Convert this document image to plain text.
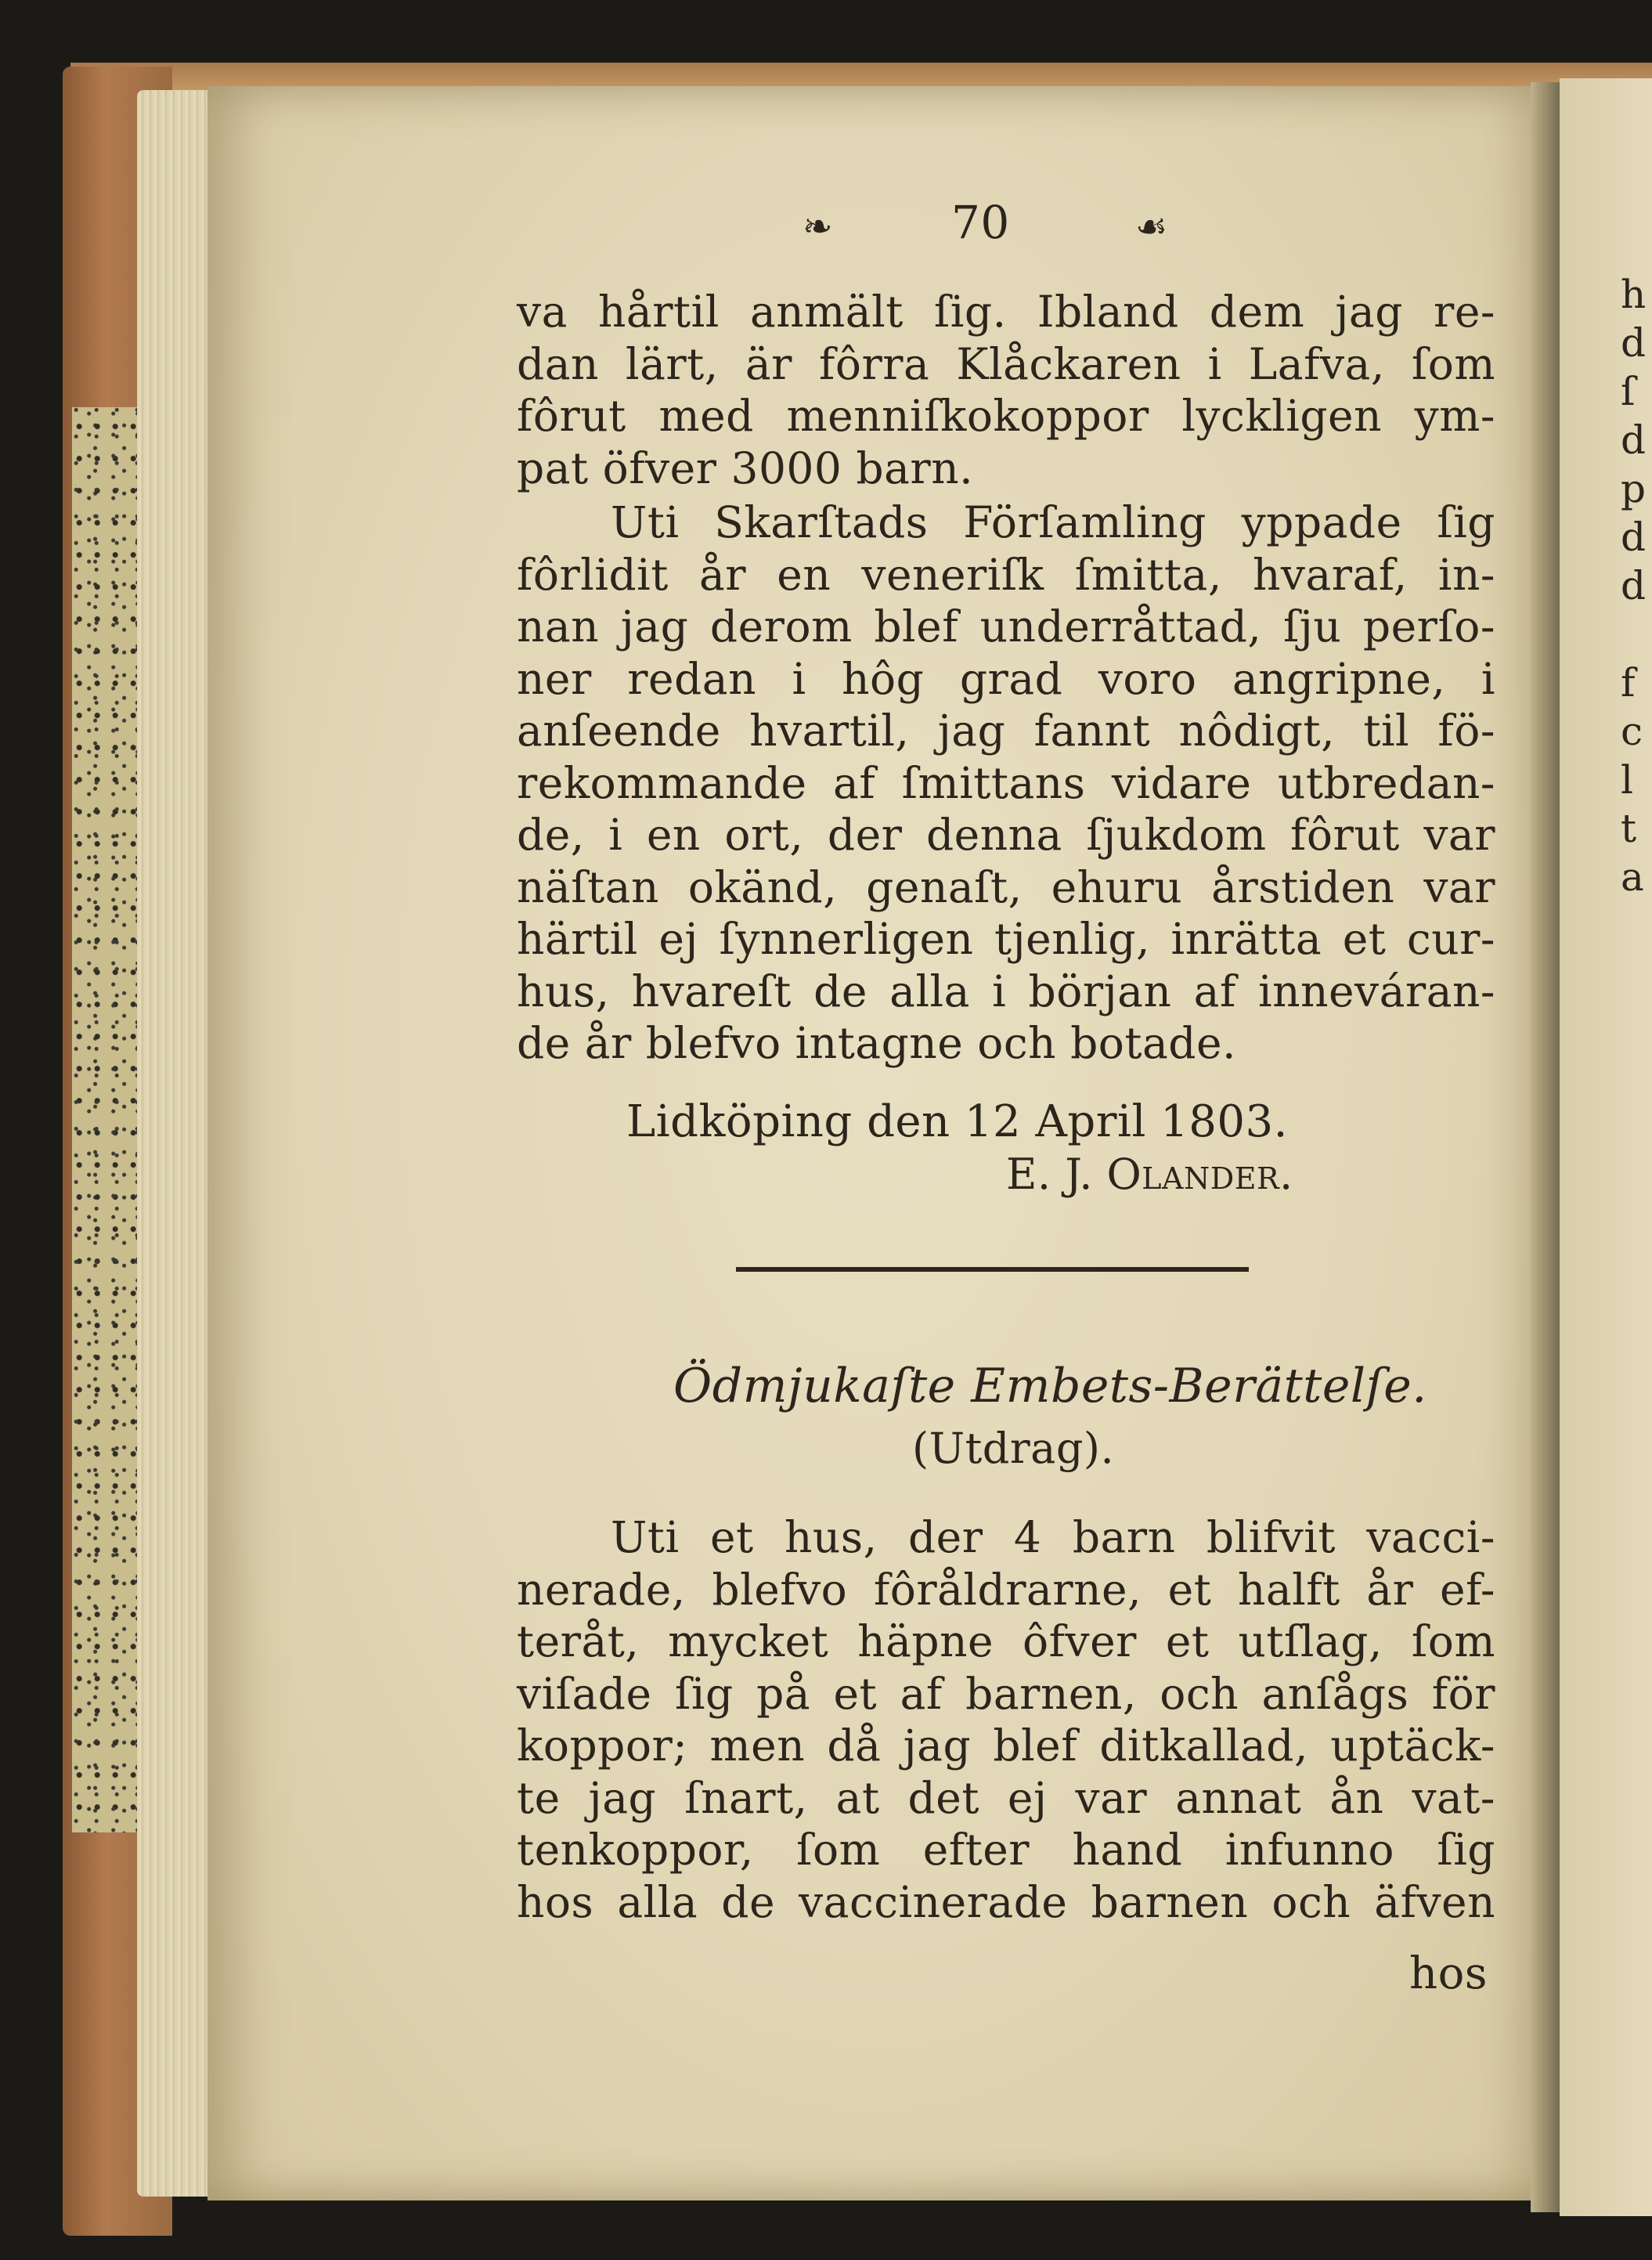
h
d
ſ
d
p
d
d
f
c
l
t
a
❧	70	☙
va hårtil anmält ſig. Ibland dem jag re-
dan lärt, är fôrra Klåckaren i Lafva, ſom
fôrut med menniſkokoppor lyckligen ym-
pat öfver 3000 barn.
Uti Skarſtads Förſamling yppade ſig
fôrlidit år en veneriſk ſmitta, hvaraf, in-
nan jag derom blef underråttad, ſju perſo-
ner redan i hôg grad voro angripne, i
anſeende hvartil, jag fannt nôdigt, til fö-
rekommande af ſmittans vidare utbredan-
de, i en ort, der denna ſjukdom fôrut var
näſtan okänd, genaſt, ehuru årstiden var
härtil ej ſynnerligen tjenlig, inrätta et cur-
hus, hvareſt de alla i början af inneváran-
de år blefvo intagne och botade.
Lidköping den 12 April 1803.
E. J. Olander.
Ödmjukaſte Embets-Berättelſe.
(Utdrag).
Uti et hus, der 4 barn blifvit vacci-
nerade, blefvo fôråldrarne, et halft år ef-
teråt, mycket häpne ôfver et utſlag, ſom
viſade ſig på et af barnen, och anſågs för
koppor; men då jag blef ditkallad, uptäck-
te jag ſnart, at det ej var annat ån vat-
tenkoppor, ſom efter hand infunno ſig
hos alla de vaccinerade barnen och äfven
hos
